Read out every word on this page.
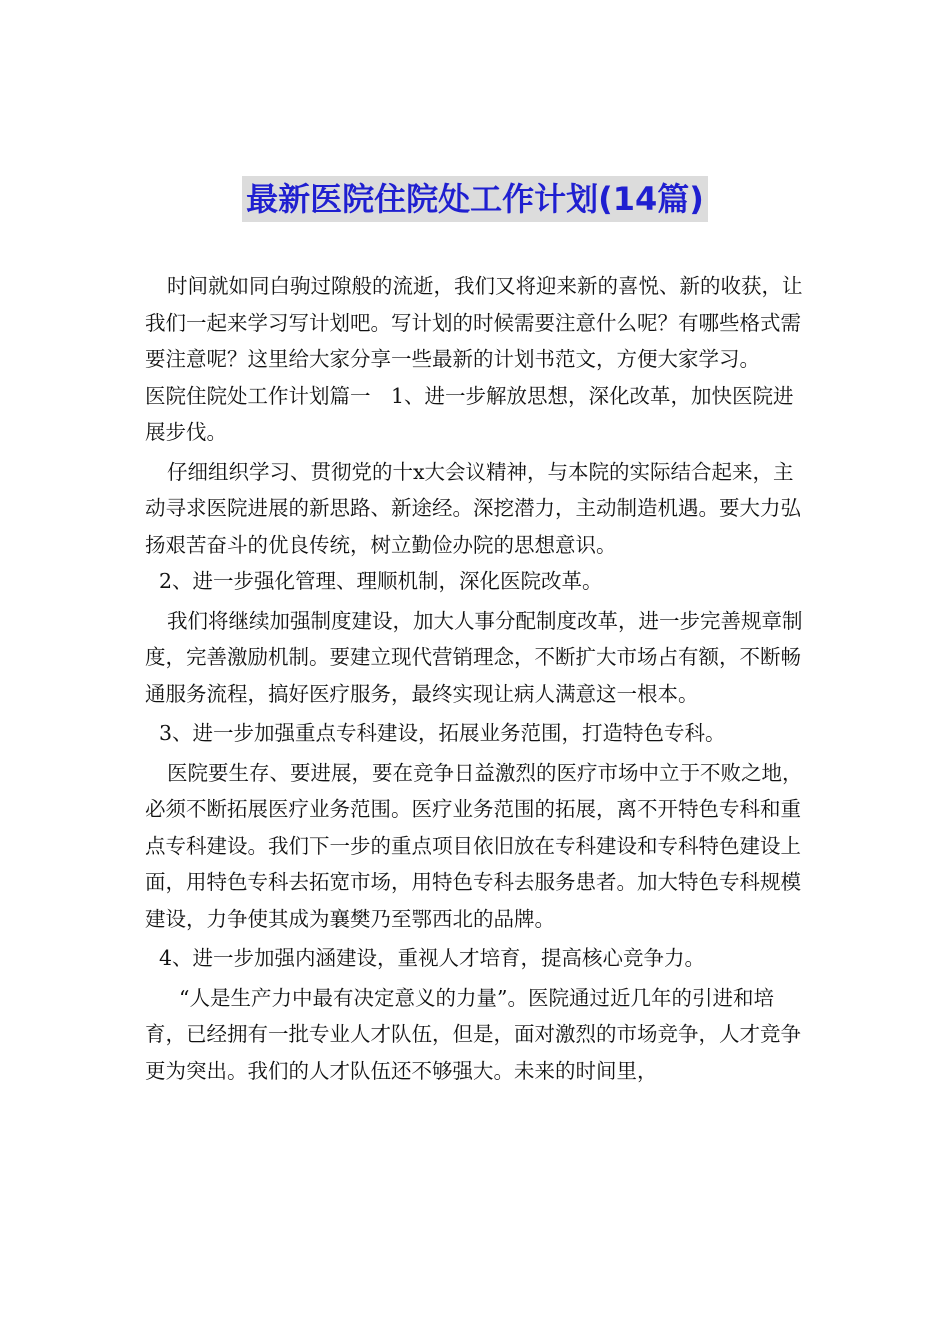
最新医院住院处工作计划(14篇)

时间就如同白驹过隙般的流逝，我们又将迎来新的喜悦、新的收获，让我们一起来学习写计划吧。写计划的时候需要注意什么呢？有哪些格式需要注意呢？这里给大家分享一些最新的计划书范文，方便大家学习。

医院住院处工作计划篇一　1、进一步解放思想，深化改革，加快医院进展步伐。

仔细组织学习、贯彻党的十x大会议精神，与本院的实际结合起来，主动寻求医院进展的新思路、新途经。深挖潜力，主动制造机遇。要大力弘扬艰苦奋斗的优良传统，树立勤俭办院的思想意识。

2、进一步强化管理、理顺机制，深化医院改革。

我们将继续加强制度建设，加大人事分配制度改革，进一步完善规章制度，完善激励机制。要建立现代营销理念，不断扩大市场占有额，不断畅通服务流程，搞好医疗服务，最终实现让病人满意这一根本。

3、进一步加强重点专科建设，拓展业务范围，打造特色专科。

医院要生存、要进展，要在竞争日益激烈的医疗市场中立于不败之地，必须不断拓展医疗业务范围。医疗业务范围的拓展，离不开特色专科和重点专科建设。我们下一步的重点项目依旧放在专科建设和专科特色建设上面，用特色专科去拓宽市场，用特色专科去服务患者。加大特色专科规模建设，力争使其成为襄樊乃至鄂西北的品牌。

4、进一步加强内涵建设，重视人才培育，提高核心竞争力。

“人是生产力中最有决定意义的力量”。医院通过近几年的引进和培育，已经拥有一批专业人才队伍，但是，面对激烈的市场竞争，人才竞争更为突出。我们的人才队伍还不够强大。未来的时间里，
